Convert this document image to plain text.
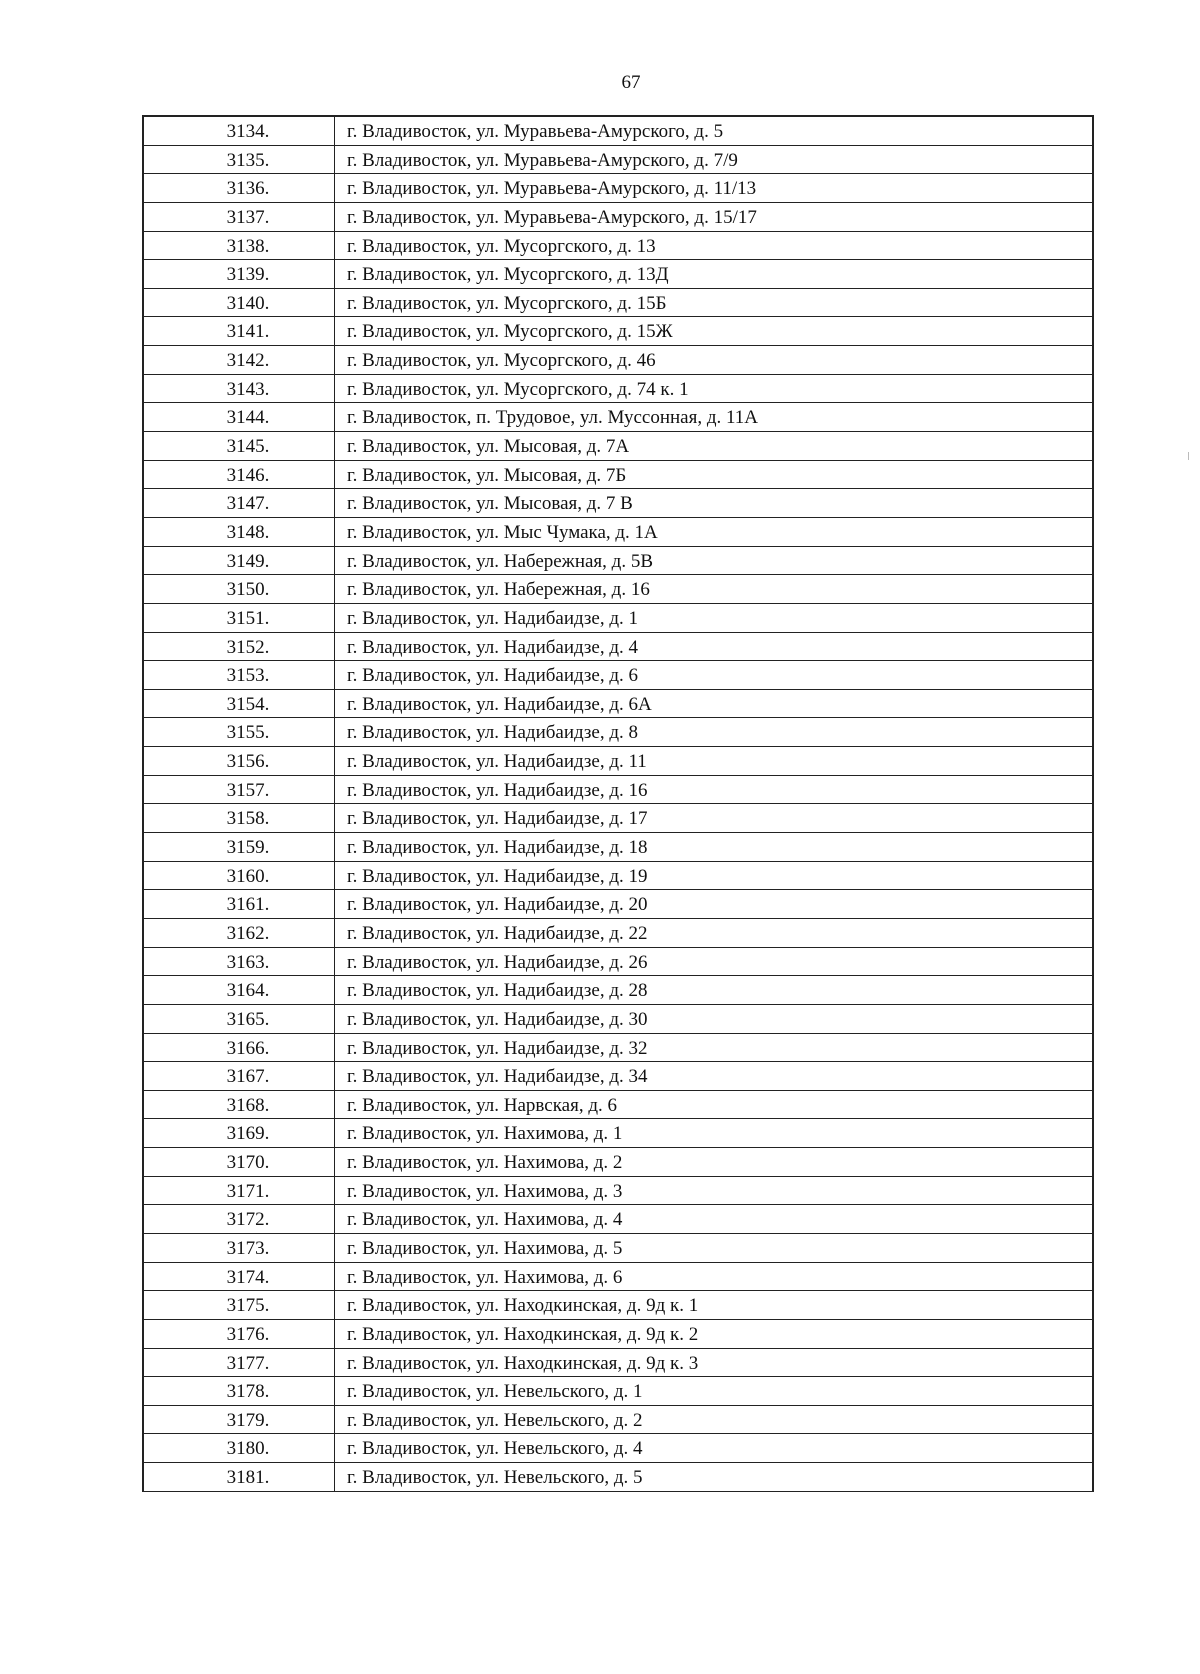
67
3134.	г. Владивосток, ул. Муравьева-Амурского, д. 5
3135.	г. Владивосток, ул. Муравьева-Амурского, д. 7/9
3136.	г. Владивосток, ул. Муравьева-Амурского, д. 11/13
3137.	г. Владивосток, ул. Муравьева-Амурского, д. 15/17
3138.	г. Владивосток, ул. Мусоргского, д. 13
3139.	г. Владивосток, ул. Мусоргского, д. 13Д
3140.	г. Владивосток, ул. Мусоргского, д. 15Б
3141.	г. Владивосток, ул. Мусоргского, д. 15Ж
3142.	г. Владивосток, ул. Мусоргского, д. 46
3143.	г. Владивосток, ул. Мусоргского, д. 74 к. 1
3144.	г. Владивосток, п. Трудовое, ул. Муссонная, д. 11А
3145.	г. Владивосток, ул. Мысовая, д. 7А
3146.	г. Владивосток, ул. Мысовая, д. 7Б
3147.	г. Владивосток, ул. Мысовая, д. 7 В
3148.	г. Владивосток, ул. Мыс Чумака, д. 1А
3149.	г. Владивосток, ул. Набережная, д. 5В
3150.	г. Владивосток, ул. Набережная, д. 16
3151.	г. Владивосток, ул. Надибаидзе, д. 1
3152.	г. Владивосток, ул. Надибаидзе, д. 4
3153.	г. Владивосток, ул. Надибаидзе, д. 6
3154.	г. Владивосток, ул. Надибаидзе, д. 6А
3155.	г. Владивосток, ул. Надибаидзе, д. 8
3156.	г. Владивосток, ул. Надибаидзе, д. 11
3157.	г. Владивосток, ул. Надибаидзе, д. 16
3158.	г. Владивосток, ул. Надибаидзе, д. 17
3159.	г. Владивосток, ул. Надибаидзе, д. 18
3160.	г. Владивосток, ул. Надибаидзе, д. 19
3161.	г. Владивосток, ул. Надибаидзе, д. 20
3162.	г. Владивосток, ул. Надибаидзе, д. 22
3163.	г. Владивосток, ул. Надибаидзе, д. 26
3164.	г. Владивосток, ул. Надибаидзе, д. 28
3165.	г. Владивосток, ул. Надибаидзе, д. 30
3166.	г. Владивосток, ул. Надибаидзе, д. 32
3167.	г. Владивосток, ул. Надибаидзе, д. 34
3168.	г. Владивосток, ул. Нарвская, д. 6
3169.	г. Владивосток, ул. Нахимова, д. 1
3170.	г. Владивосток, ул. Нахимова, д. 2
3171.	г. Владивосток, ул. Нахимова, д. 3
3172.	г. Владивосток, ул. Нахимова, д. 4
3173.	г. Владивосток, ул. Нахимова, д. 5
3174.	г. Владивосток, ул. Нахимова, д. 6
3175.	г. Владивосток, ул. Находкинская, д. 9д к. 1
3176.	г. Владивосток, ул. Находкинская, д. 9д к. 2
3177.	г. Владивосток, ул. Находкинская, д. 9д к. 3
3178.	г. Владивосток, ул. Невельского, д. 1
3179.	г. Владивосток, ул. Невельского, д. 2
3180.	г. Владивосток, ул. Невельского, д. 4
3181.	г. Владивосток, ул. Невельского, д. 5
